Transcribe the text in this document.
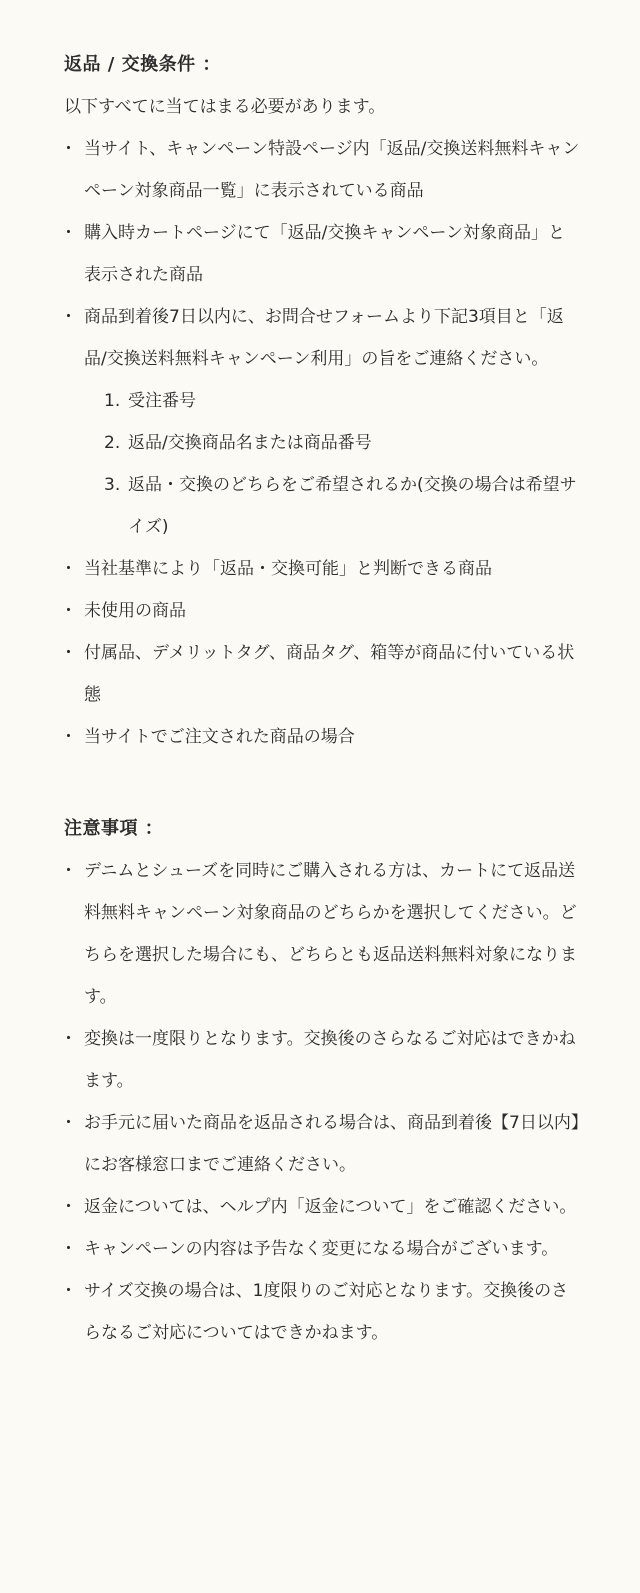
返品 / 交換条件 ：

以下すべてに当てはまる必要があります。

・ 当サイト、キャンペーン特設ページ内「返品/交換送料無料キャンペーン対象商品一覧」に表示されている商品
・ 購入時カートページにて「返品/交換キャンペーン対象商品」と表示された商品
・ 商品到着後7日以内に、お問合せフォームより下記3項目と「返品/交換送料無料キャンペーン利用」の旨をご連絡ください。
1. 受注番号
2. 返品/交換商品名または商品番号
3. 返品・交換のどちらをご希望されるか(交換の場合は希望サイズ)
・ 当社基準により「返品・交換可能」と判断できる商品
・ 未使用の商品
・ 付属品、デメリットタグ、商品タグ、箱等が商品に付いている状態
・ 当サイトでご注文された商品の場合
注意事項 ：
・ デニムとシューズを同時にご購入される方は、カートにて返品送料無料キャンペーン対象商品のどちらかを選択してください。どちらを選択した場合にも、どちらとも返品送料無料対象になります。
・ 変換は一度限りとなります。交換後のさらなるご対応はできかねます。
・ お手元に届いた商品を返品される場合は、商品到着後【7日以内】にお客様窓口までご連絡ください。
・ 返金については、ヘルプ内「返金について」をご確認ください。
・ キャンペーンの内容は予告なく変更になる場合がございます。
・ サイズ交換の場合は、1度限りのご対応となります。交換後のさらなるご対応についてはできかねます。
